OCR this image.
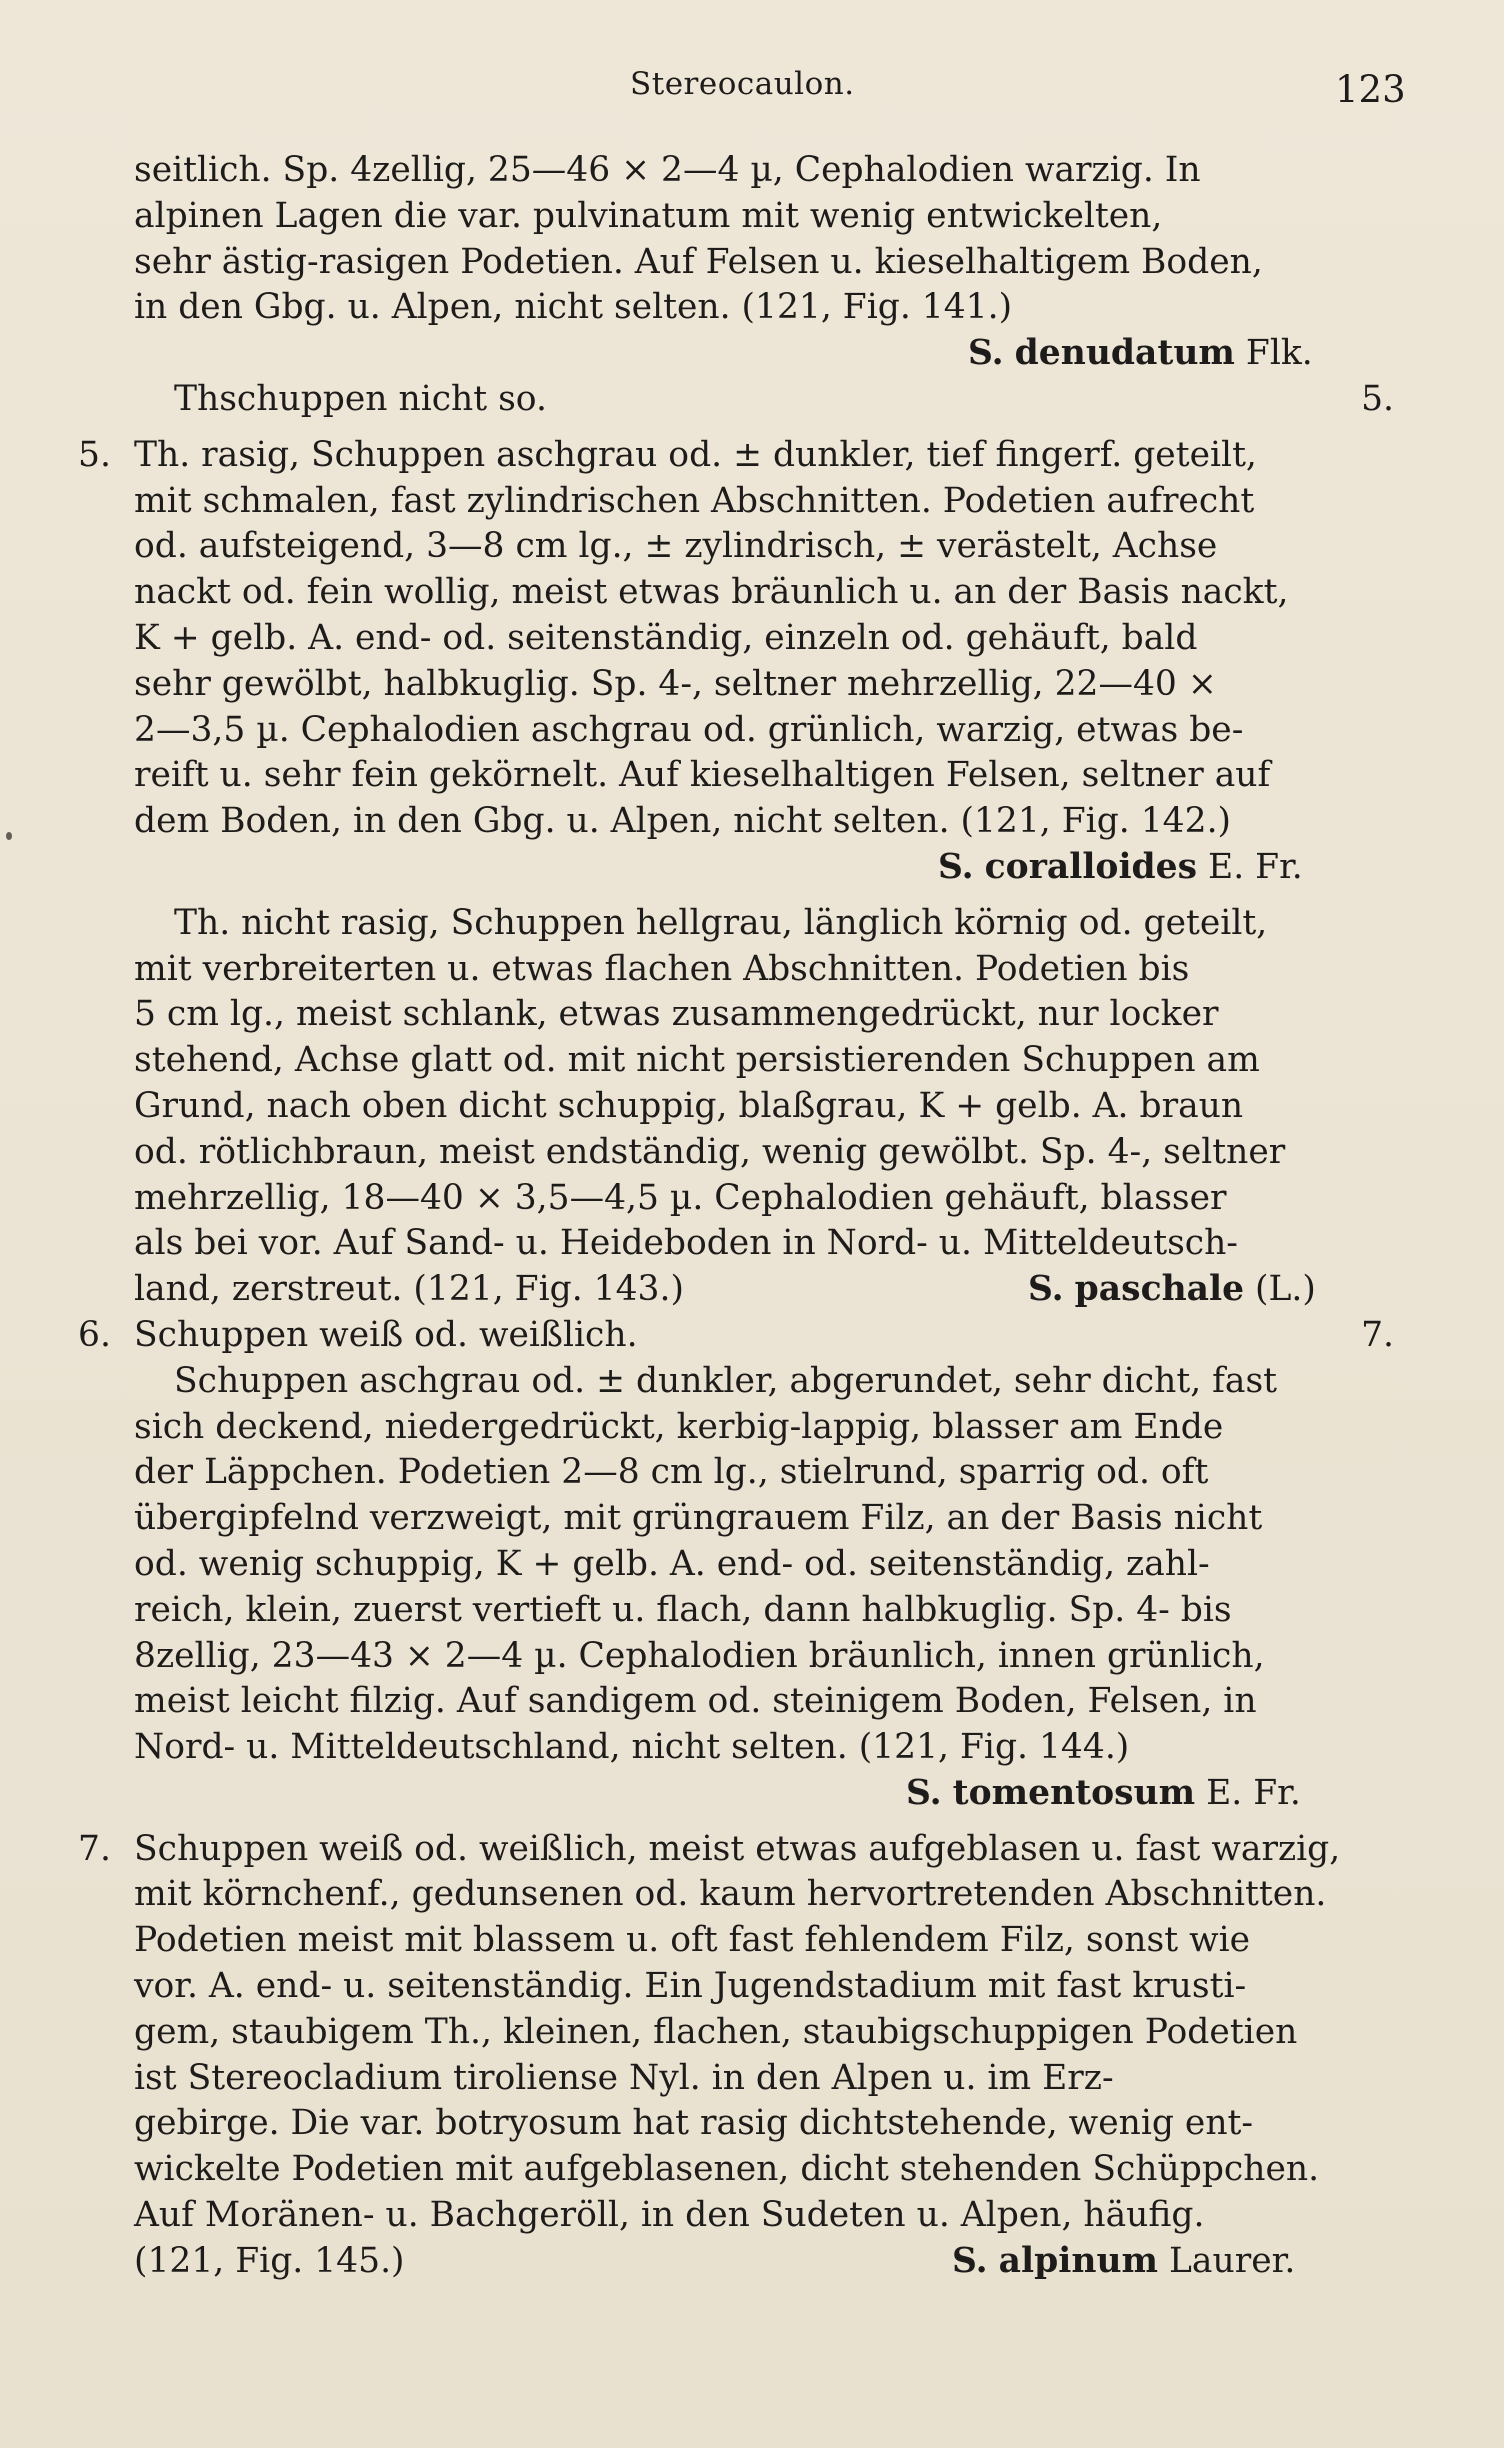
Stereocaulon.	123
seitlich. Sp. 4zellig, 25—46 × 2—4 µ, Cephalodien warzig. In
alpinen Lagen die var. pulvinatum mit wenig entwickelten,
sehr ästig-rasigen Podetien. Auf Felsen u. kieselhaltigem Boden,
in den Gbg. u. Alpen, nicht selten. (121, Fig. 141.)
S. denudatum Flk.
Thschuppen nicht so.	5.
5. Th. rasig, Schuppen aschgrau od. ± dunkler, tief fingerf. geteilt,
mit schmalen, fast zylindrischen Abschnitten. Podetien aufrecht
od. aufsteigend, 3—8 cm lg., ± zylindrisch, ± verästelt, Achse
nackt od. fein wollig, meist etwas bräunlich u. an der Basis nackt,
K + gelb. A. end- od. seitenständig, einzeln od. gehäuft, bald
sehr gewölbt, halbkuglig. Sp. 4-, seltner mehrzellig, 22—40 ×
2—3,5 µ. Cephalodien aschgrau od. grünlich, warzig, etwas be-
reift u. sehr fein gekörnelt. Auf kieselhaltigen Felsen, seltner auf
dem Boden, in den Gbg. u. Alpen, nicht selten. (121, Fig. 142.)
S. coralloides E. Fr.
Th. nicht rasig, Schuppen hellgrau, länglich körnig od. geteilt,
mit verbreiterten u. etwas flachen Abschnitten. Podetien bis
5 cm lg., meist schlank, etwas zusammengedrückt, nur locker
stehend, Achse glatt od. mit nicht persistierenden Schuppen am
Grund, nach oben dicht schuppig, blaßgrau, K + gelb. A. braun
od. rötlichbraun, meist endständig, wenig gewölbt. Sp. 4-, seltner
mehrzellig, 18—40 × 3,5—4,5 µ. Cephalodien gehäuft, blasser
als bei vor. Auf Sand- u. Heideboden in Nord- u. Mitteldeutsch-
land, zerstreut. (121, Fig. 143.)	S. paschale (L.)
6. Schuppen weiß od. weißlich.	7.
Schuppen aschgrau od. ± dunkler, abgerundet, sehr dicht, fast
sich deckend, niedergedrückt, kerbig-lappig, blasser am Ende
der Läppchen. Podetien 2—8 cm lg., stielrund, sparrig od. oft
übergipfelnd verzweigt, mit grüngrauem Filz, an der Basis nicht
od. wenig schuppig, K + gelb. A. end- od. seitenständig, zahl-
reich, klein, zuerst vertieft u. flach, dann halbkuglig. Sp. 4- bis
8zellig, 23—43 × 2—4 µ. Cephalodien bräunlich, innen grünlich,
meist leicht filzig. Auf sandigem od. steinigem Boden, Felsen, in
Nord- u. Mitteldeutschland, nicht selten. (121, Fig. 144.)
S. tomentosum E. Fr.
7. Schuppen weiß od. weißlich, meist etwas aufgeblasen u. fast warzig,
mit körnchenf., gedunsenen od. kaum hervortretenden Abschnitten.
Podetien meist mit blassem u. oft fast fehlendem Filz, sonst wie
vor. A. end- u. seitenständig. Ein Jugendstadium mit fast krusti-
gem, staubigem Th., kleinen, flachen, staubigschuppigen Podetien
ist Stereocladium tiroliense Nyl. in den Alpen u. im Erz-
gebirge. Die var. botryosum hat rasig dichtstehende, wenig ent-
wickelte Podetien mit aufgeblasenen, dicht stehenden Schüppchen.
Auf Moränen- u. Bachgeröll, in den Sudeten u. Alpen, häufig.
(121, Fig. 145.)	S. alpinum Laurer.
